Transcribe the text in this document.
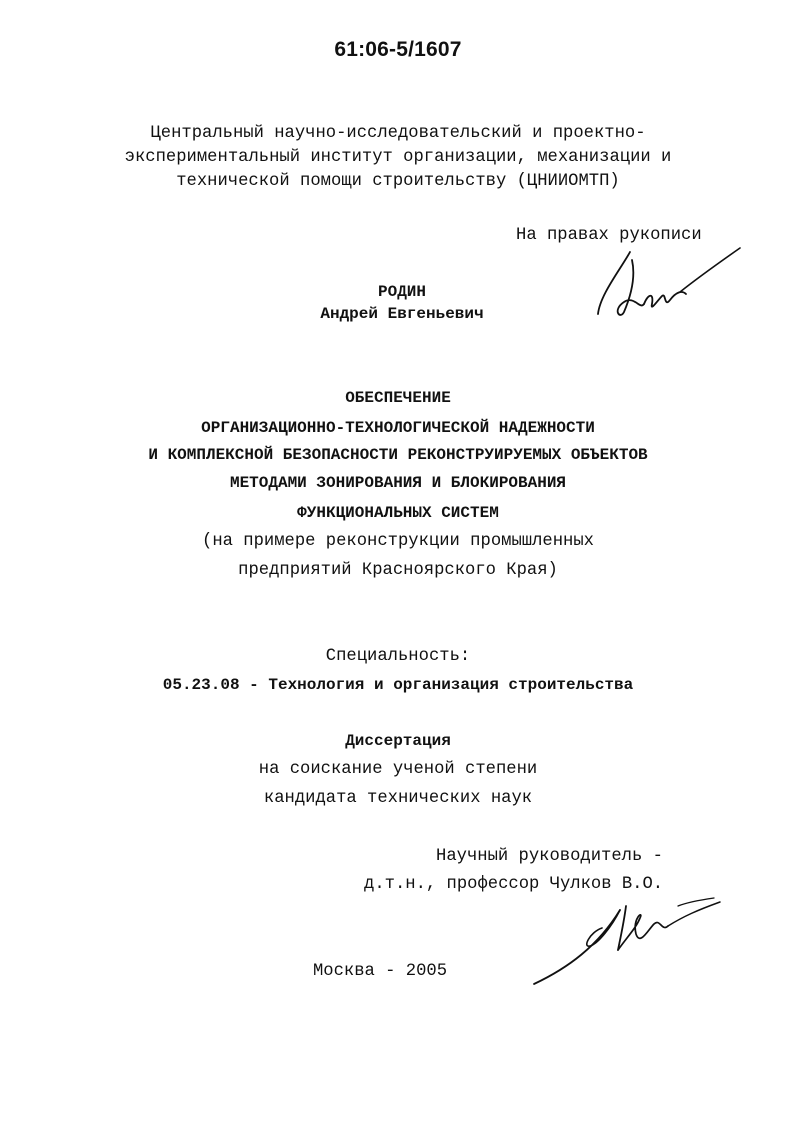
61:06-5/1607
Центральный научно-исследовательский и проектно-
экспериментальный институт организации, механизации и
технической помощи строительству (ЦНИИОМТП)
На правах рукописи
РОДИН
Андрей Евгеньевич
ОБЕСПЕЧЕНИЕ
ОРГАНИЗАЦИОННО-ТЕХНОЛОГИЧЕСКОЙ НАДЕЖНОСТИ
И КОМПЛЕКСНОЙ БЕЗОПАСНОСТИ РЕКОНСТРУИРУЕМЫХ ОБЪЕКТОВ
МЕТОДАМИ ЗОНИРОВАНИЯ И БЛОКИРОВАНИЯ
ФУНКЦИОНАЛЬНЫХ СИСТЕМ
(на примере реконструкции промышленных
предприятий Красноярского Края)
Специальность:
05.23.08 - Технология и организация строительства
Диссертация
на соискание ученой степени
кандидата технических наук
Научный руководитель -
д.т.н., профессор Чулков В.О.
Москва - 2005
